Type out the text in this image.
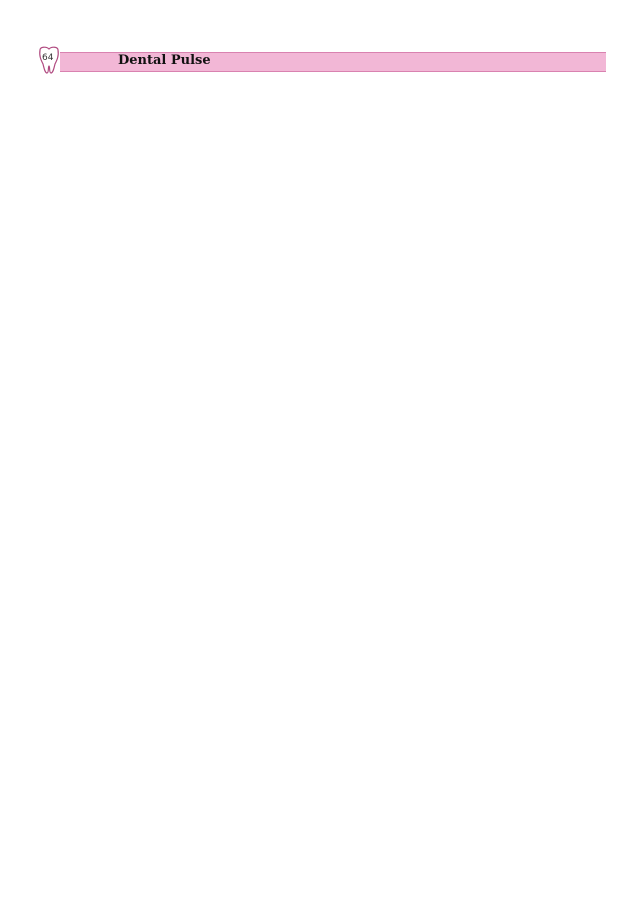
64	Dental Pulse
